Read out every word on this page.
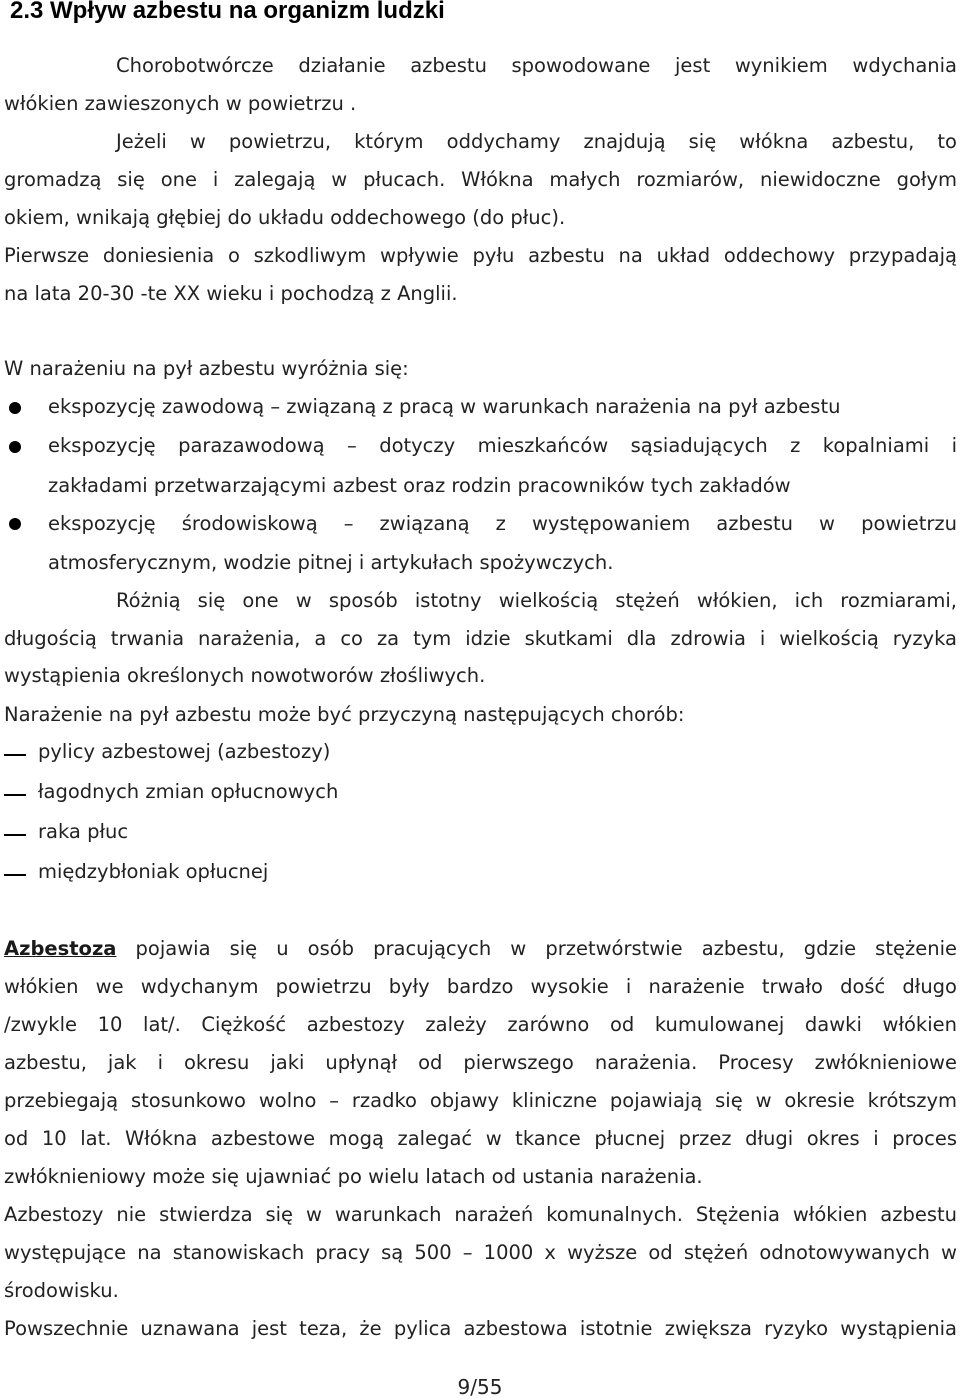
2.3 Wpływ azbestu na organizm ludzki
Chorobotwórcze działanie azbestu spowodowane jest wynikiem wdychania
włókien zawieszonych w powietrzu .
Jeżeli w powietrzu, którym oddychamy znajdują się włókna azbestu, to
gromadzą się one i zalegają w płucach. Włókna małych rozmiarów, niewidoczne gołym
okiem, wnikają głębiej do układu oddechowego (do płuc).
Pierwsze doniesienia o szkodliwym wpływie pyłu azbestu na układ oddechowy przypadają
na lata 20-30 -te XX wieku i pochodzą z Anglii.
W narażeniu na pył azbestu wyróżnia się:
ekspozycję zawodową – związaną z pracą w warunkach narażenia na pył azbestu
ekspozycję parazawodową – dotyczy mieszkańców sąsiadujących z kopalniami i
zakładami przetwarzającymi azbest oraz rodzin pracowników tych zakładów
ekspozycję środowiskową – związaną z występowaniem azbestu w powietrzu
atmosferycznym, wodzie pitnej i artykułach spożywczych.
Różnią się one w sposób istotny wielkością stężeń włókien, ich rozmiarami,
długością trwania narażenia, a co za tym idzie skutkami dla zdrowia i wielkością ryzyka
wystąpienia określonych nowotworów złośliwych.
Narażenie na pył azbestu może być przyczyną następujących chorób:
pylicy azbestowej (azbestozy)
łagodnych zmian opłucnowych
raka płuc
międzybłoniak opłucnej
Azbestoza pojawia się u osób pracujących w przetwórstwie azbestu, gdzie stężenie
włókien we wdychanym powietrzu były bardzo wysokie i narażenie trwało dość długo
/zwykle 10 lat/. Ciężkość azbestozy zależy zarówno od kumulowanej dawki włókien
azbestu, jak i okresu jaki upłynął od pierwszego narażenia. Procesy zwłóknieniowe
przebiegają stosunkowo wolno – rzadko objawy kliniczne pojawiają się w okresie krótszym
od 10 lat. Włókna azbestowe mogą zalegać w tkance płucnej przez długi okres i proces
zwłóknieniowy może się ujawniać po wielu latach od ustania narażenia.
Azbestozy nie stwierdza się w warunkach narażeń komunalnych. Stężenia włókien azbestu
występujące na stanowiskach pracy są 500 – 1000 x wyższe od stężeń odnotowywanych w
środowisku.
Powszechnie uznawana jest teza, że pylica azbestowa istotnie zwiększa ryzyko wystąpienia
9/55
